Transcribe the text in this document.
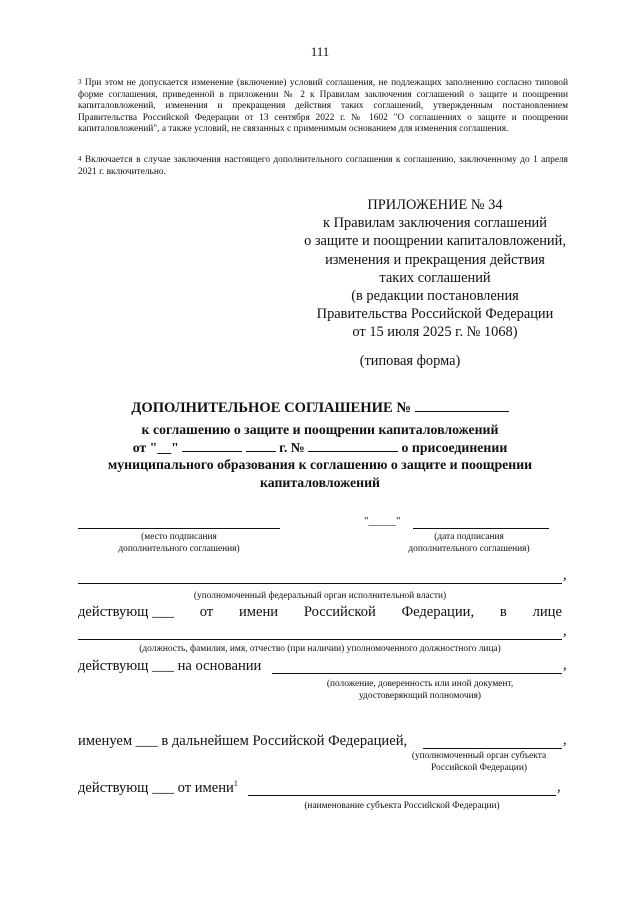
111
$^3$ При этом не допускается изменение (включение) условий соглашения, не подлежащих заполнению согласно типовой форме соглашения, приведенной в приложении № 2 к Правилам заключения соглашений о защите и поощрении капиталовложений, изменения и прекращения действия таких соглашений, утвержденным постановлением Правительства Российской Федерации от 13 сентября 2022 г. № 1602 "О соглашениях о защите и поощрении капиталовложений", а также условий, не связанных с применимым основанием для изменения соглашения.
$^4$ Включается в случае заключения настоящего дополнительного соглашения к соглашению, заключенному до 1 апреля 2021 г. включительно.
ПРИЛОЖЕНИЕ № 34
к Правилам заключения соглашений
о защите и поощрении капиталовложений,
изменения и прекращения действия
таких соглашений
(в редакции постановления
Правительства Российской Федерации
от 15 июля 2025 г. № 1068)
(типовая форма)
ДОПОЛНИТЕЛЬНОЕ СОГЛАШЕНИЕ №
к соглашению о защите и поощрении капиталовложений
от "__"	г. №	о присоединении
муниципального образования к соглашению о защите и поощрении
капиталовложений
(место подписания
дополнительного соглашения)
"_____"
(дата подписания
дополнительного соглашения)
,
(уполномоченный федеральный орган исполнительной власти)
действующ ___ от имени Российской Федерации, в лице
,
(должность, фамилия, имя, отчество (при наличии) уполномоченного должностного лица)
действующ ___ на основании	,
(положение, доверенность или иной документ,
удостоверяющий полномочия)
именуем ___ в дальнейшем Российской Федерацией,	,
(уполномоченный орган субъекта
Российской Федерации)
действующ ___ от имени$^1$	,
(наименование субъекта Российской Федерации)
